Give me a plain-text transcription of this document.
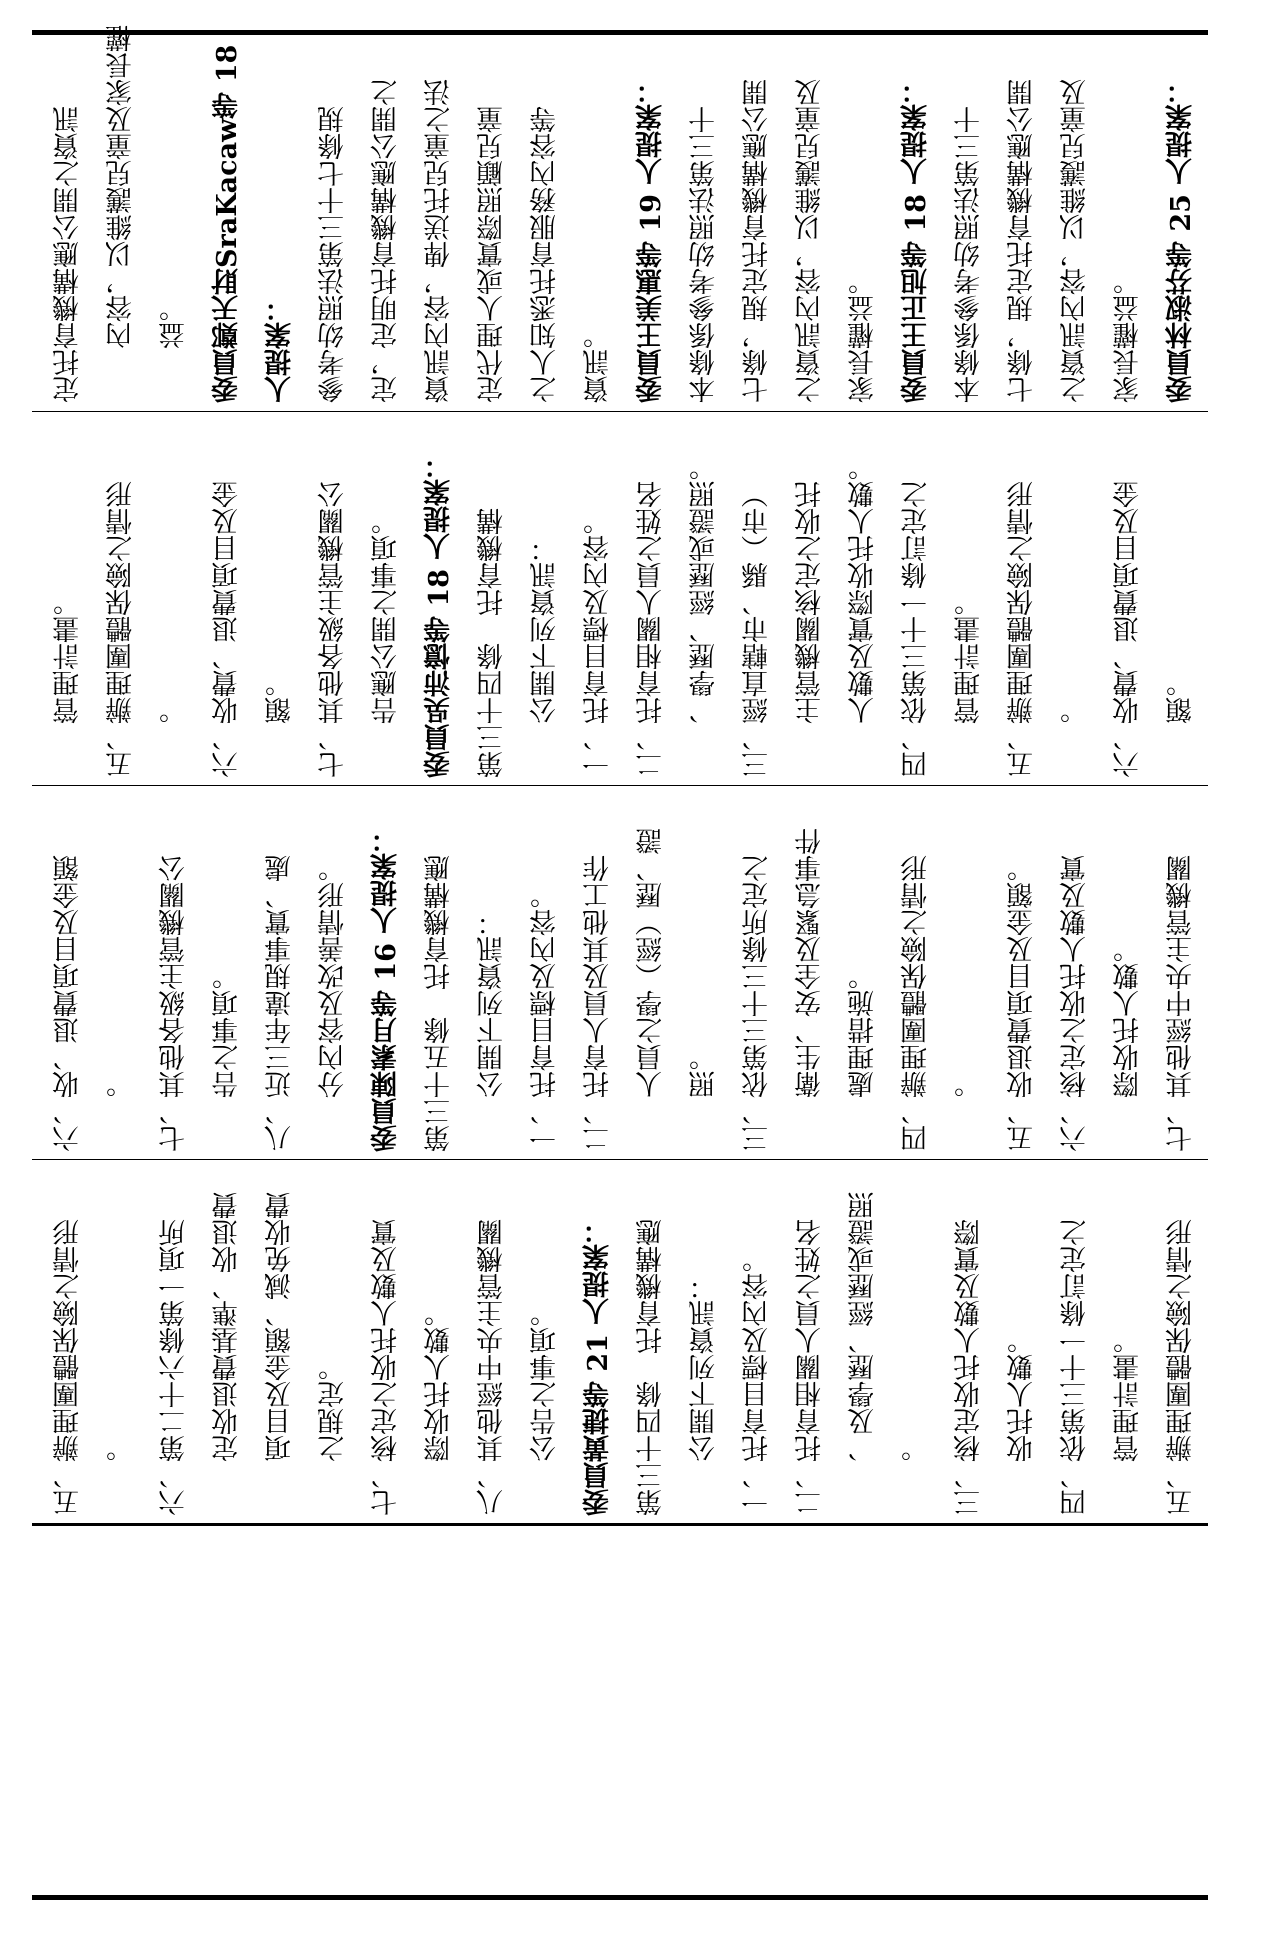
定托育機構應公開之資訊 內容，以維護兒童及家長權 益。 委員鄭天財SraKacaw等 18 人提案： 參考幼照法第三十七條規 定，定明托育機構應公開之 資訊內容，俾送托兒童之法 定代理人或實際照顧兒童 之人知悉托育服務內容等 資訊。 委員王美惠等 19 人提案： 本條係參考幼照法第三十 七條，規定托育機構應公開 之資訊內容，以維護兒童及 家長權益。 委員王正旭等 18 人提案： 本條係參考幼照法第三十 七條，規定托育機構應公開 之資訊內容，以維護兒童及 家長權益。 委員林淑芬等 25 人提案：
管理計畫。 五、辦理團體保險之情形 。 六、收費、退費項目及金 額。 七、其他各級主管機關公 告應公開之事項。 委員吳沛憶等 18 人提案： 第三十四條　托育機構 公開下列資訊： 一、托育目標及內容。 二、托育相關人員之姓名 、學歷、經歷或證照。 三、經直轄市、縣（市） 主管機關核定之收托 人數及實際收托人數。 四、依第三十一條訂定之 管理計畫。 五、辦理團體保險之情形 。 六、收費、退費項目及金 額。
六、收、退費項目及金額 。 七、其他各級主管機關公 告之事項。 八、近三年違規事實、處 分內容及改善情形。 委員陳素月等 16 人提案： 第三十五條　托育機構應 公開下列資訊： 一、托育目標及內容。 二、托育人員及其他工作 人員之學（經）歷、證 照。 三、依第三十三條所定之 衛生、安全及緊急事件 處理措施。 四、辦理團體保險之情形 。 五、收退費項目及金額。 六、核定之收托人數及實 際收托人數。 七、其他經中央主管機關
五、辦理團體保險之情形 。 六、第二十六條第一項所 定收退費基準、收退費 項目及金額、減免收費 之規定。 七、核定之收托人數及實 際收托人數。 八、其他經中央主管機關 公告之事項。 委員黃捷等 21 人提案： 第三十四條　托育機構應 公開下列資訊： 一、托育目標及內容。 二、托育相關人員之姓名 、及學歷、經歷或證照 。 三、核定收托人數及實際 收托人數。 四、依第三十一條訂定之 管理計畫。 五、辦理團體保險之情形
